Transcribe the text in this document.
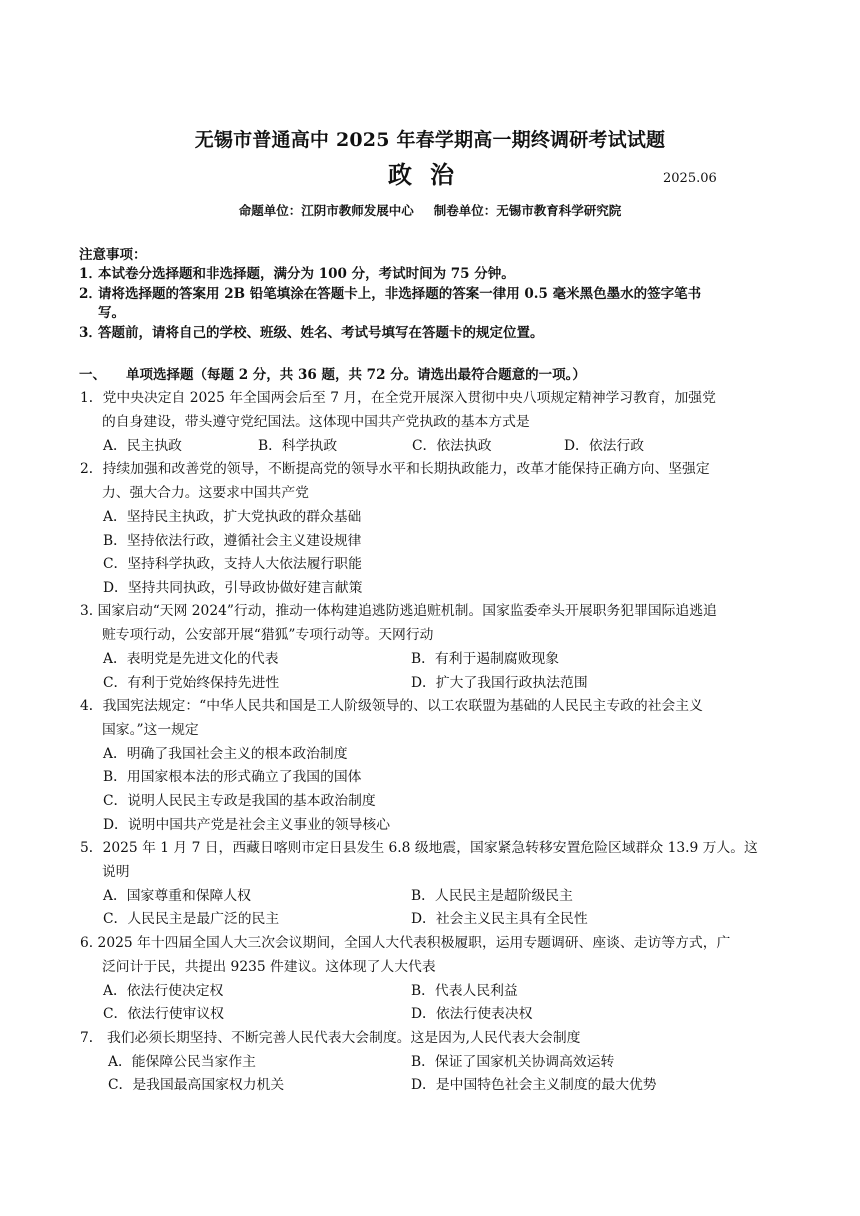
无锡市普通高中 2025 年春学期高一期终调研考试试题
政治	2025.06
命题单位：江阴市教师发展中心 制卷单位：无锡市教育科学研究院
注意事项：
1．本试卷分选择题和非选择题，满分为 100 分，考试时间为 75 分钟。
2．请将选择题的答案用 2B 铅笔填涂在答题卡上，非选择题的答案一律用 0.5 毫米黑色墨水的签字笔书
写。
3．答题前，请将自己的学校、班级、姓名、考试号填写在答题卡的规定位置。
一、 单项选择题（每题 2 分，共 36 题，共 72 分。请选出最符合题意的一项。）
1．党中央决定自 2025 年全国两会后至 7 月，在全党开展深入贯彻中央八项规定精神学习教育，加强党
的自身建设，带头遵守党纪国法。这体现中国共产党执政的基本方式是
A．民主执政	B．科学执政	C．依法执政	D．依法行政
2．持续加强和改善党的领导，不断提高党的领导水平和长期执政能力，改革才能保持正确方向、坚强定
力、强大合力。这要求中国共产党
A．坚持民主执政，扩大党执政的群众基础
B．坚持依法行政，遵循社会主义建设规律
C．坚持科学执政，支持人大依法履行职能
D．坚持共同执政，引导政协做好建言献策
3. 国家启动“天网 2024”行动，推动一体构建追逃防逃追赃机制。国家监委牵头开展职务犯罪国际追逃追
赃专项行动，公安部开展“猎狐”专项行动等。天网行动
A．表明党是先进文化的代表	B．有利于遏制腐败现象
C．有利于党始终保持先进性	D．扩大了我国行政执法范围
4．我国宪法规定：“中华人民共和国是工人阶级领导的、以工农联盟为基础的人民民主专政的社会主义
国家。”这一规定
A．明确了我国社会主义的根本政治制度
B．用国家根本法的形式确立了我国的国体
C．说明人民民主专政是我国的基本政治制度
D．说明中国共产党是社会主义事业的领导核心
5．2025 年 1 月 7 日，西藏日喀则市定日县发生 6.8 级地震，国家紧急转移安置危险区域群众 13.9 万人。这
说明
A．国家尊重和保障人权	B．人民民主是超阶级民主
C．人民民主是最广泛的民主	D．社会主义民主具有全民性
6. 2025 年十四届全国人大三次会议期间，全国人大代表积极履职，运用专题调研、座谈、走访等方式，广
泛问计于民，共提出 9235 件建议。这体现了人大代表
A．依法行使决定权	B．代表人民利益
C．依法行使审议权	D．依法行使表决权
7． 我们必须长期坚持、不断完善人民代表大会制度。这是因为,人民代表大会制度
A．能保障公民当家作主	B．保证了国家机关协调高效运转
C．是我国最高国家权力机关	D．是中国特色社会主义制度的最大优势
